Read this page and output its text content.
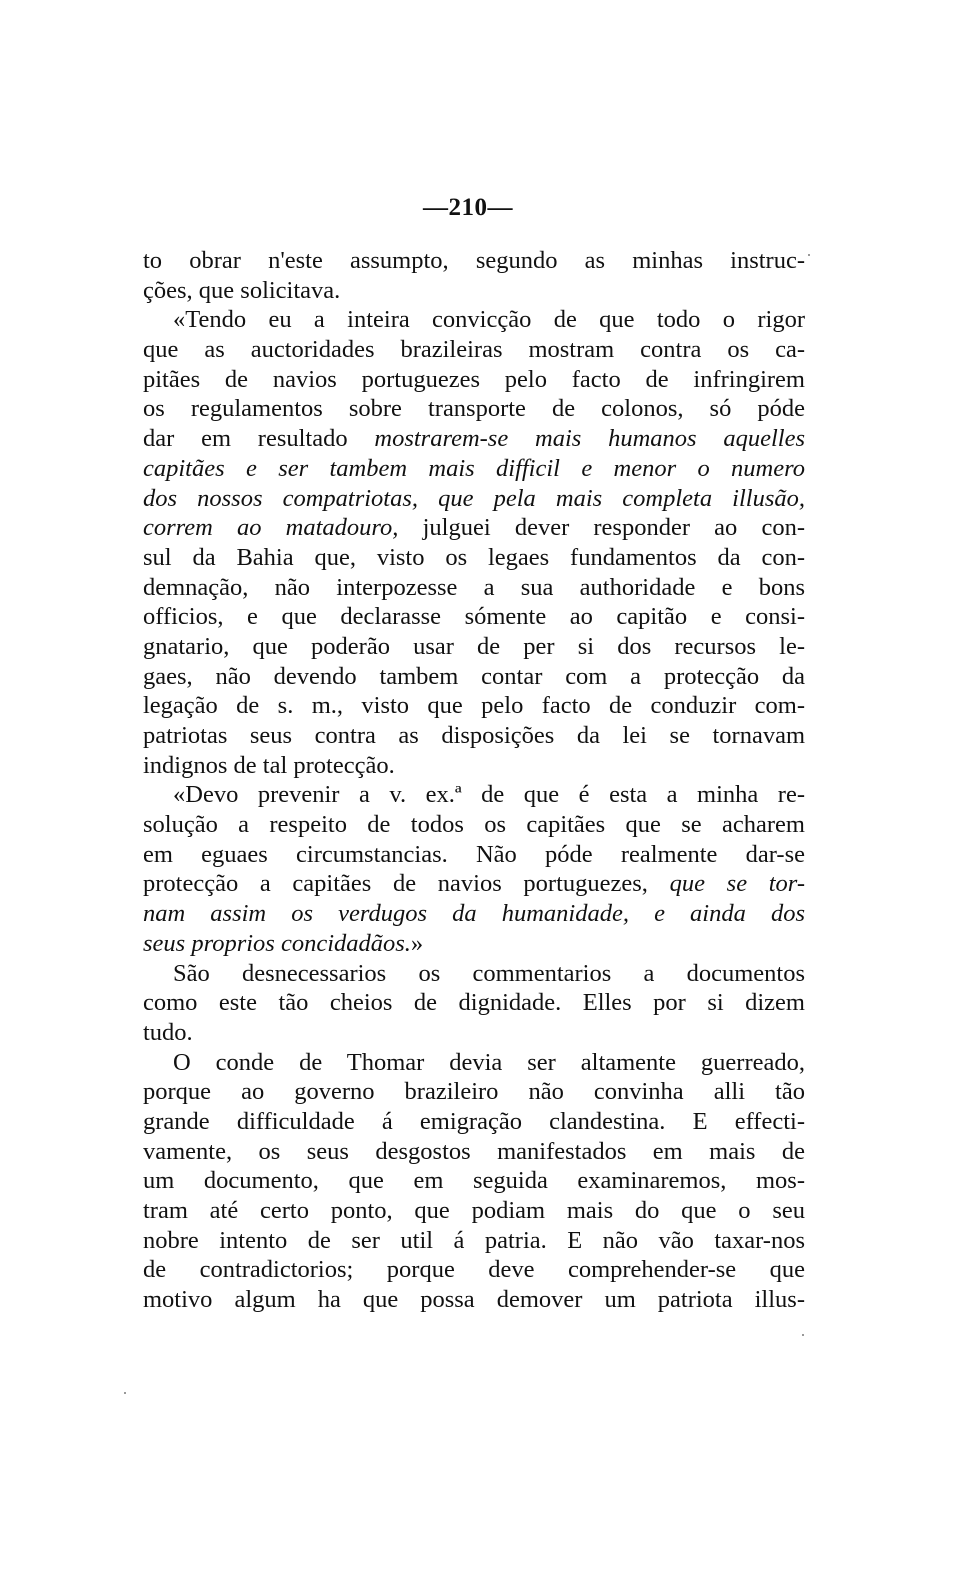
—210—
to obrar n'este assumpto, segundo as minhas instruc-
ções, que solicitava.
«Tendo eu a inteira convicção de que todo o rigor
que as auctoridades brazileiras mostram contra os ca-
pitães de navios portuguezes pelo facto de infringirem
os regulamentos sobre transporte de colonos, só póde
dar em resultado mostrarem-se mais humanos aquelles
capitães e ser tambem mais difficil e menor o numero
dos nossos compatriotas, que pela mais completa illusão,
correm ao matadouro, julguei dever responder ao con-
sul da Bahia que, visto os legaes fundamentos da con-
demnação, não interpozesse a sua authoridade e bons
officios, e que declarasse sómente ao capitão e consi-
gnatario, que poderão usar de per si dos recursos le-
gaes, não devendo tambem contar com a protecção da
legação de s. m., visto que pelo facto de conduzir com-
patriotas seus contra as disposições da lei se tornavam
indignos de tal protecção.
«Devo prevenir a v. ex.ª de que é esta a minha re-
solução a respeito de todos os capitães que se acharem
em eguaes circumstancias. Não póde realmente dar-se
protecção a capitães de navios portuguezes, que se tor-
nam assim os verdugos da humanidade, e ainda dos
seus proprios concidadãos.»
São desnecessarios os commentarios a documentos
como este tão cheios de dignidade. Elles por si dizem
tudo.
O conde de Thomar devia ser altamente guerreado,
porque ao governo brazileiro não convinha alli tão
grande difficuldade á emigração clandestina. E effecti-
vamente, os seus desgostos manifestados em mais de
um documento, que em seguida examinaremos, mos-
tram até certo ponto, que podiam mais do que o seu
nobre intento de ser util á patria. E não vão taxar-nos
de contradictorios; porque deve comprehender-se que
motivo algum ha que possa demover um patriota illus-
